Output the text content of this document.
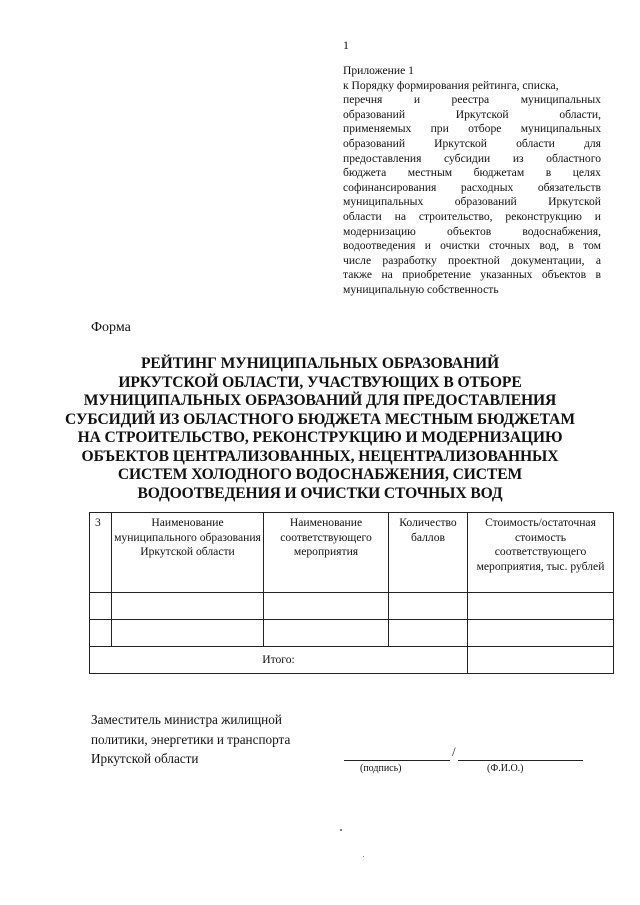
1
Приложение 1
к Порядку формирования рейтинга, списка,
перечня	и	реестра	муниципальных
образований	Иркутской	области,
применяемых при отборе муниципальных
образований	Иркутской	области	для
предоставления субсидии из областного
бюджета местным бюджетам в целях
софинансирования расходных обязательств
муниципальных	образований	Иркутской
области на строительство, реконструкцию и
модернизацию	объектов	водоснабжения,
водоотведения и очистки сточных вод, в том
числе разработку проектной документации, а
также на приобретение указанных объектов в
муниципальную собственность
Форма
РЕЙТИНГ МУНИЦИПАЛЬНЫХ ОБРАЗОВАНИЙ
ИРКУТСКОЙ ОБЛАСТИ, УЧАСТВУЮЩИХ В ОТБОРЕ
МУНИЦИПАЛЬНЫХ ОБРАЗОВАНИЙ ДЛЯ ПРЕДОСТАВЛЕНИЯ
СУБСИДИЙ ИЗ ОБЛАСТНОГО БЮДЖЕТА МЕСТНЫМ БЮДЖЕТАМ
НА СТРОИТЕЛЬСТВО, РЕКОНСТРУКЦИЮ И МОДЕРНИЗАЦИЮ
ОБЪЕКТОВ ЦЕНТРАЛИЗОВАННЫХ, НЕЦЕНТРАЛИЗОВАННЫХ
СИСТЕМ ХОЛОДНОГО ВОДОСНАБЖЕНИЯ, СИСТЕМ
ВОДООТВЕДЕНИЯ И ОЧИСТКИ СТОЧНЫХ ВОД
3	Наименование муниципального образования Иркутской области	Наименование соответствующего мероприятия	Количество баллов	Стоимость/остаточная стоимость соответствующего мероприятия, тыс. рублей

Итого:				
Заместитель министра жилищной
политики, энергетики и транспорта
Иркутской области	/
(подпись)	(Ф.И.О.)
